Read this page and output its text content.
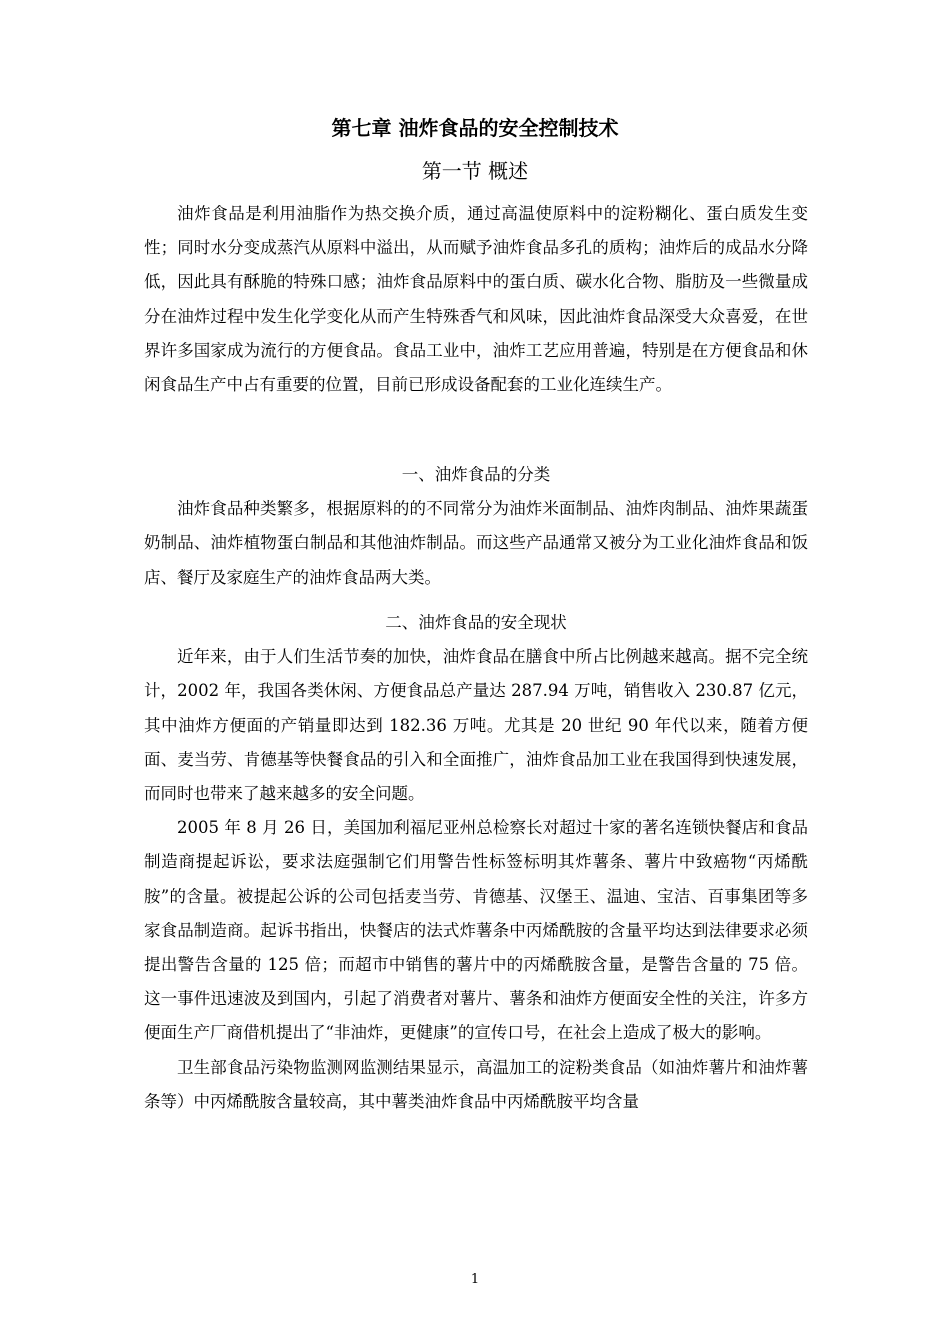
第七章 油炸食品的安全控制技术
第一节 概述

油炸食品是利用油脂作为热交换介质，通过高温使原料中的淀粉糊化、蛋白质发生变性；同时水分变成蒸汽从原料中溢出，从而赋予油炸食品多孔的质构；油炸后的成品水分降低，因此具有酥脆的特殊口感；油炸食品原料中的蛋白质、碳水化合物、脂肪及一些微量成分在油炸过程中发生化学变化从而产生特殊香气和风味，因此油炸食品深受大众喜爱，在世界许多国家成为流行的方便食品。食品工业中，油炸工艺应用普遍，特别是在方便食品和休闲食品生产中占有重要的位置，目前已形成设备配套的工业化连续生产。

一、油炸食品的分类

油炸食品种类繁多，根据原料的的不同常分为油炸米面制品、油炸肉制品、油炸果蔬蛋奶制品、油炸植物蛋白制品和其他油炸制品。而这些产品通常又被分为工业化油炸食品和饭店、餐厅及家庭生产的油炸食品两大类。

二、油炸食品的安全现状

近年来，由于人们生活节奏的加快，油炸食品在膳食中所占比例越来越高。据不完全统计，2002 年，我国各类休闲、方便食品总产量达 287.94 万吨，销售收入 230.87 亿元，其中油炸方便面的产销量即达到 182.36 万吨。尤其是 20 世纪 90 年代以来，随着方便面、麦当劳、肯德基等快餐食品的引入和全面推广，油炸食品加工业在我国得到快速发展，而同时也带来了越来越多的安全问题。

2005 年 8 月 26 日，美国加利福尼亚州总检察长对超过十家的著名连锁快餐店和食品制造商提起诉讼，要求法庭强制它们用警告性标签标明其炸薯条、薯片中致癌物“丙烯酰胺”的含量。被提起公诉的公司包括麦当劳、肯德基、汉堡王、温迪、宝洁、百事集团等多家食品制造商。起诉书指出，快餐店的法式炸薯条中丙烯酰胺的含量平均达到法律要求必须提出警告含量的 125 倍；而超市中销售的薯片中的丙烯酰胺含量，是警告含量的 75 倍。这一事件迅速波及到国内，引起了消费者对薯片、薯条和油炸方便面安全性的关注，许多方便面生产厂商借机提出了“非油炸，更健康”的宣传口号，在社会上造成了极大的影响。

卫生部食品污染物监测网监测结果显示，高温加工的淀粉类食品（如油炸薯片和油炸薯条等）中丙烯酰胺含量较高，其中薯类油炸食品中丙烯酰胺平均含量

1
